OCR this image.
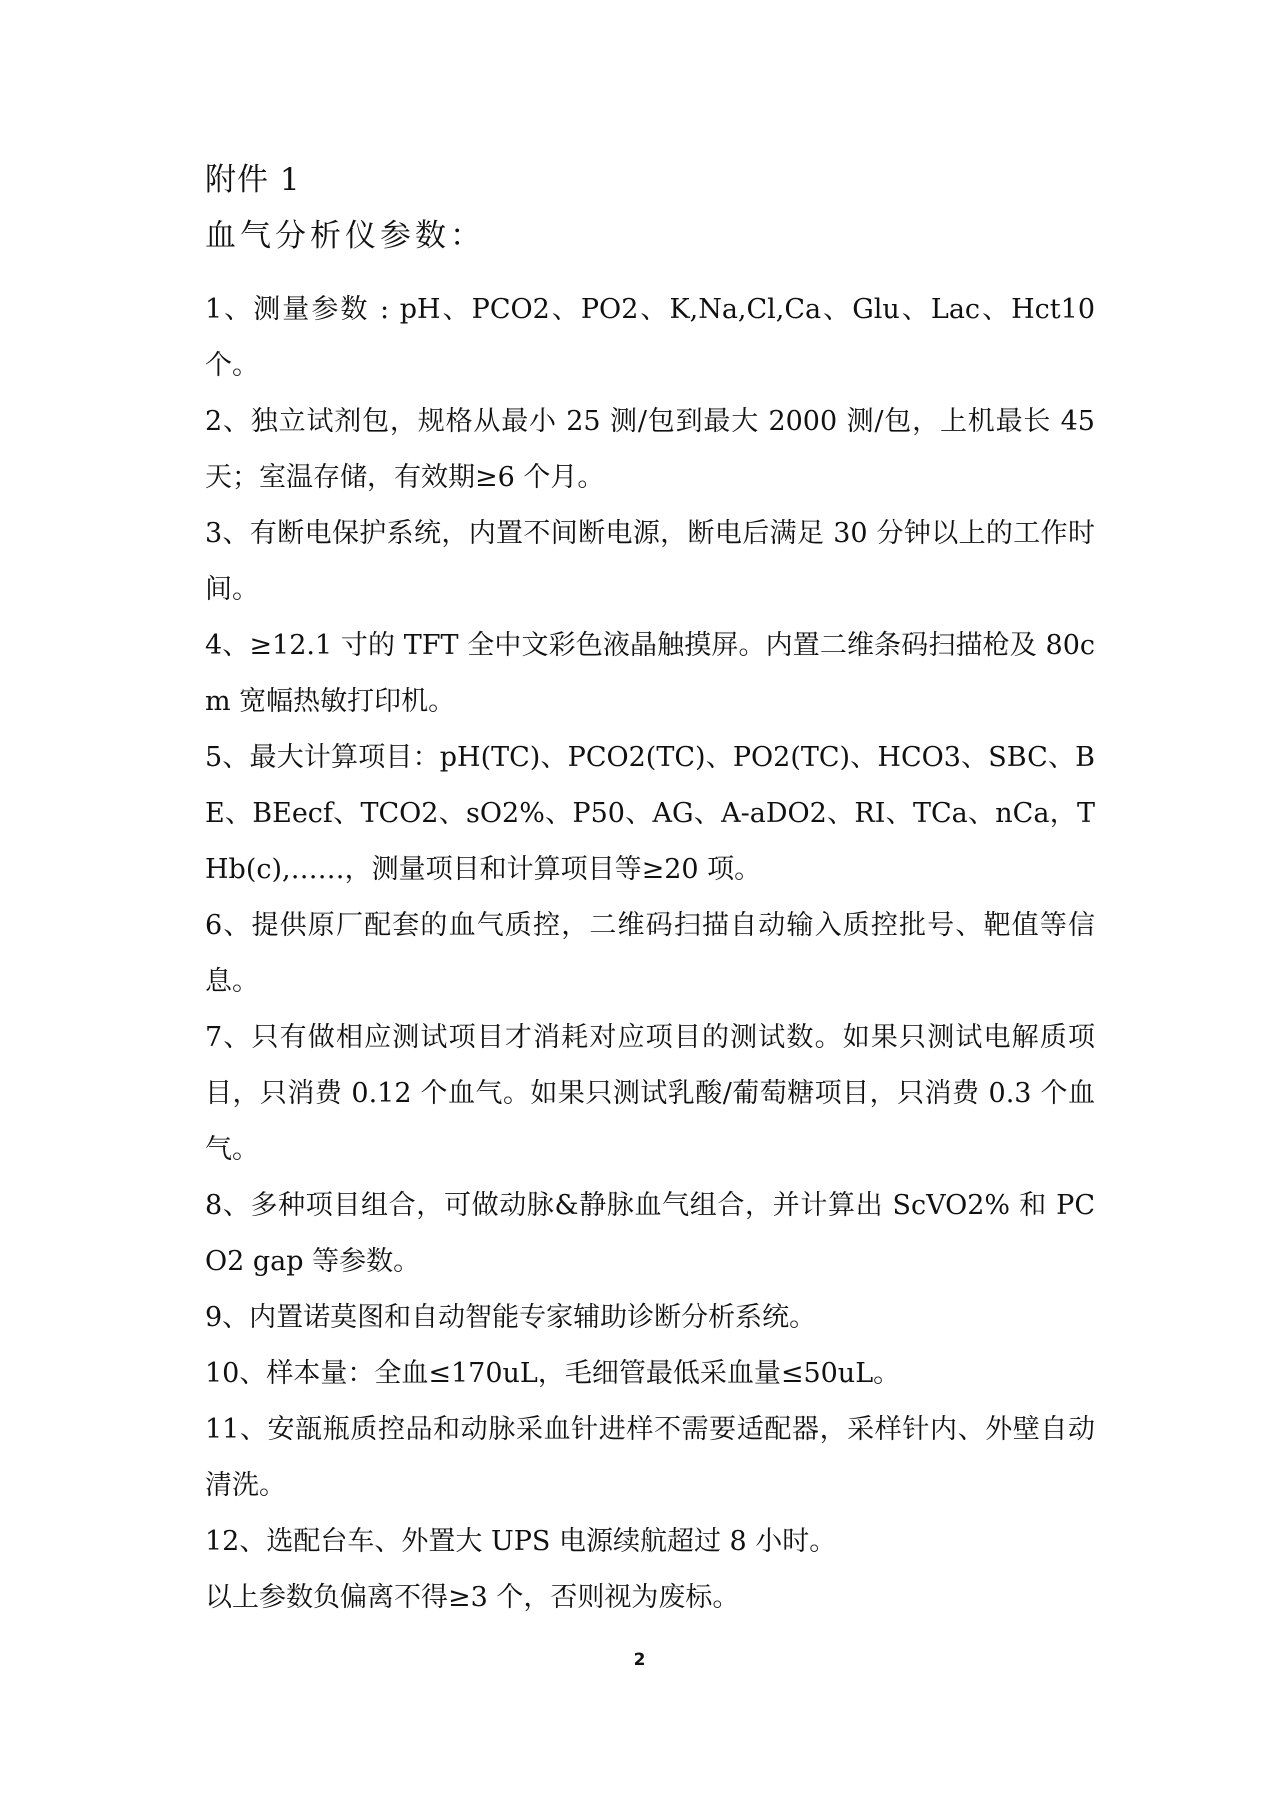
附件 1
血气分析仪参数：
1、测量参数 : pH、PCO2、PO2、K,Na,Cl,Ca、Glu、Lac、Hct10 个。
2、独立试剂包，规格从最小 25 测/包到最大 2000 测/包，上机最长 45 天；室温存储，有效期≥6 个月。
3、有断电保护系统，内置不间断电源，断电后满足 30 分钟以上的工作时间。
4、≥12.1 寸的 TFT 全中文彩色液晶触摸屏。内置二维条码扫描枪及 80cm 宽幅热敏打印机。
5、最大计算项目：pH(TC)、PCO2(TC)、PO2(TC)、HCO3、SBC、BE、BEecf、TCO2、sO2%、P50、AG、A-aDO2、RI、TCa、nCa，THb(c),……，测量项目和计算项目等≥20 项。
6、提供原厂配套的血气质控，二维码扫描自动输入质控批号、靶值等信息。
7、只有做相应测试项目才消耗对应项目的测试数。如果只测试电解质项目，只消费 0.12 个血气。如果只测试乳酸/葡萄糖项目，只消费 0.3 个血气。
8、多种项目组合，可做动脉&静脉血气组合，并计算出 ScVO2% 和 PCO2 gap 等参数。
9、内置诺莫图和自动智能专家辅助诊断分析系统。
10、样本量：全血≤170uL，毛细管最低采血量≤50uL。
11、安瓿瓶质控品和动脉采血针进样不需要适配器，采样针内、外壁自动清洗。
12、选配台车、外置大 UPS 电源续航超过 8 小时。

以上参数负偏离不得≥3 个，否则视为废标。

2
